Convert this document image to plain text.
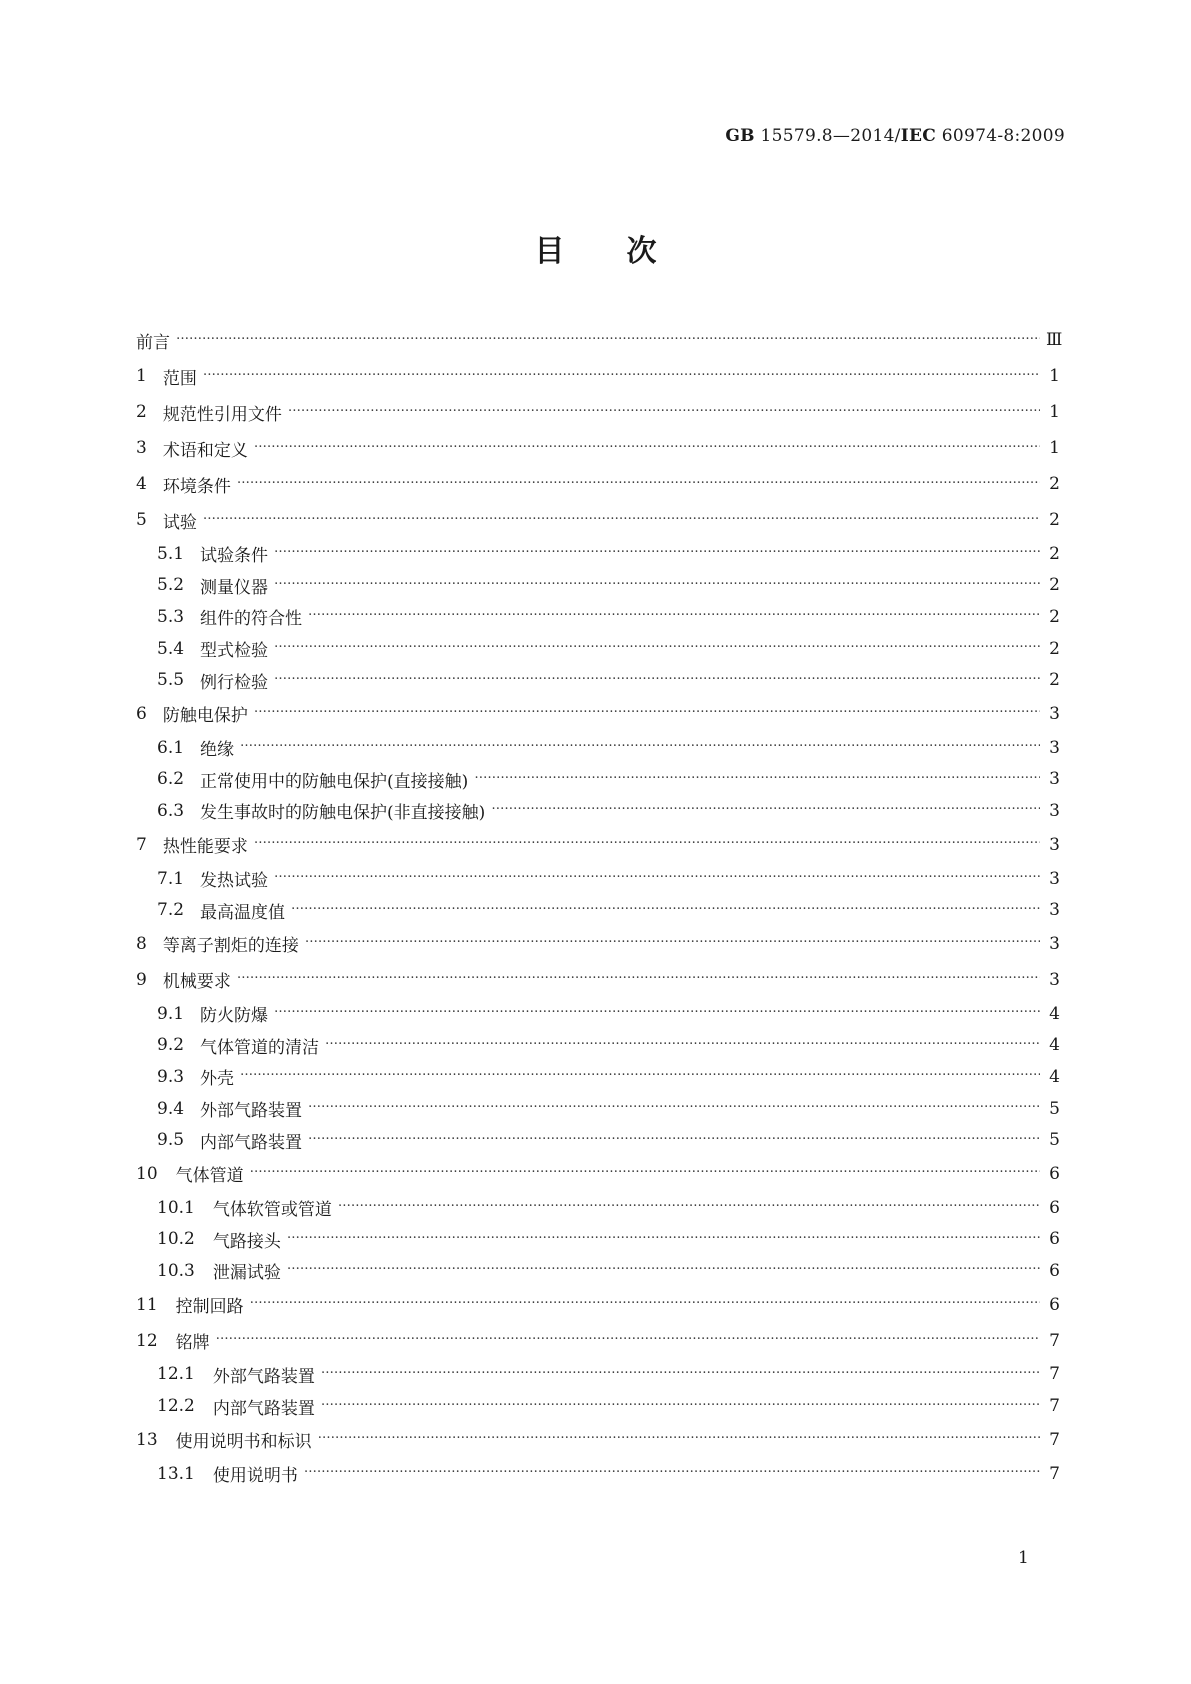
GB 15579.8—2014/IEC 60974-8:2009
目次
前言 ……………………………………………………………………………………………………………………………………………………………………………………………………………………………………………………………………………………………………	Ⅲ
1 范围 ……………………………………………………………………………………………………………………………………………………………………………………………………………………………………………………………………………………………………	1
2 规范性引用文件 ……………………………………………………………………………………………………………………………………………………………………………………………………………………………………………………………………………………………………	1
3 术语和定义 ……………………………………………………………………………………………………………………………………………………………………………………………………………………………………………………………………………………………………	1
4 环境条件 ……………………………………………………………………………………………………………………………………………………………………………………………………………………………………………………………………………………………………	2
5 试验 ……………………………………………………………………………………………………………………………………………………………………………………………………………………………………………………………………………………………………	2
5.1 试验条件 ……………………………………………………………………………………………………………………………………………………………………………………………………………………………………………………………………………………………………	2
5.2 测量仪器 ……………………………………………………………………………………………………………………………………………………………………………………………………………………………………………………………………………………………………	2
5.3 组件的符合性 ……………………………………………………………………………………………………………………………………………………………………………………………………………………………………………………………………………………………………	2
5.4 型式检验 ……………………………………………………………………………………………………………………………………………………………………………………………………………………………………………………………………………………………………	2
5.5 例行检验 ……………………………………………………………………………………………………………………………………………………………………………………………………………………………………………………………………………………………………	2
6 防触电保护 ……………………………………………………………………………………………………………………………………………………………………………………………………………………………………………………………………………………………………	3
6.1 绝缘 ……………………………………………………………………………………………………………………………………………………………………………………………………………………………………………………………………………………………………	3
6.2 正常使用中的防触电保护(直接接触) ……………………………………………………………………………………………………………………………………………………………………………………………………………………………………………………………………………………………………	3
6.3 发生事故时的防触电保护(非直接接触) ……………………………………………………………………………………………………………………………………………………………………………………………………………………………………………………………………………………………………	3
7 热性能要求 ……………………………………………………………………………………………………………………………………………………………………………………………………………………………………………………………………………………………………	3
7.1 发热试验 ……………………………………………………………………………………………………………………………………………………………………………………………………………………………………………………………………………………………………	3
7.2 最高温度值 ……………………………………………………………………………………………………………………………………………………………………………………………………………………………………………………………………………………………………	3
8 等离子割炬的连接 ……………………………………………………………………………………………………………………………………………………………………………………………………………………………………………………………………………………………………	3
9 机械要求 ……………………………………………………………………………………………………………………………………………………………………………………………………………………………………………………………………………………………………	3
9.1 防火防爆 ……………………………………………………………………………………………………………………………………………………………………………………………………………………………………………………………………………………………………	4
9.2 气体管道的清洁 ……………………………………………………………………………………………………………………………………………………………………………………………………………………………………………………………………………………………………	4
9.3 外壳 ……………………………………………………………………………………………………………………………………………………………………………………………………………………………………………………………………………………………………	4
9.4 外部气路装置 ……………………………………………………………………………………………………………………………………………………………………………………………………………………………………………………………………………………………………	5
9.5 内部气路装置 ……………………………………………………………………………………………………………………………………………………………………………………………………………………………………………………………………………………………………	5
10 气体管道 ……………………………………………………………………………………………………………………………………………………………………………………………………………………………………………………………………………………………………	6
10.1 气体软管或管道 ……………………………………………………………………………………………………………………………………………………………………………………………………………………………………………………………………………………………………	6
10.2 气路接头 ……………………………………………………………………………………………………………………………………………………………………………………………………………………………………………………………………………………………………	6
10.3 泄漏试验 ……………………………………………………………………………………………………………………………………………………………………………………………………………………………………………………………………………………………………	6
11 控制回路 ……………………………………………………………………………………………………………………………………………………………………………………………………………………………………………………………………………………………………	6
12 铭牌 ……………………………………………………………………………………………………………………………………………………………………………………………………………………………………………………………………………………………………	7
12.1 外部气路装置 ……………………………………………………………………………………………………………………………………………………………………………………………………………………………………………………………………………………………………	7
12.2 内部气路装置 ……………………………………………………………………………………………………………………………………………………………………………………………………………………………………………………………………………………………………	7
13 使用说明书和标识 ……………………………………………………………………………………………………………………………………………………………………………………………………………………………………………………………………………………………………	7
13.1 使用说明书 ……………………………………………………………………………………………………………………………………………………………………………………………………………………………………………………………………………………………………	7
1
